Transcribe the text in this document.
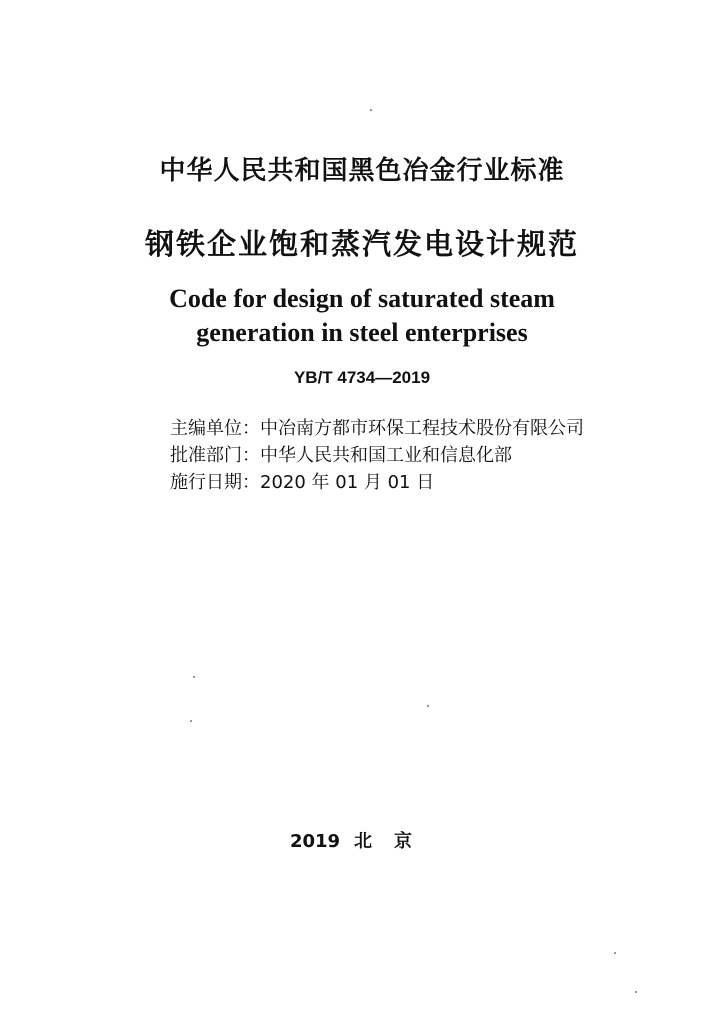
中华人民共和国黑色冶金行业标准
钢铁企业饱和蒸汽发电设计规范
Code for design of saturated steam
generation in steel enterprises
YB/T 4734—2019
主编单位：中冶南方都市环保工程技术股份有限公司
批准部门：中华人民共和国工业和信息化部
施行日期：2020 年 01 月 01 日
2019 北京
